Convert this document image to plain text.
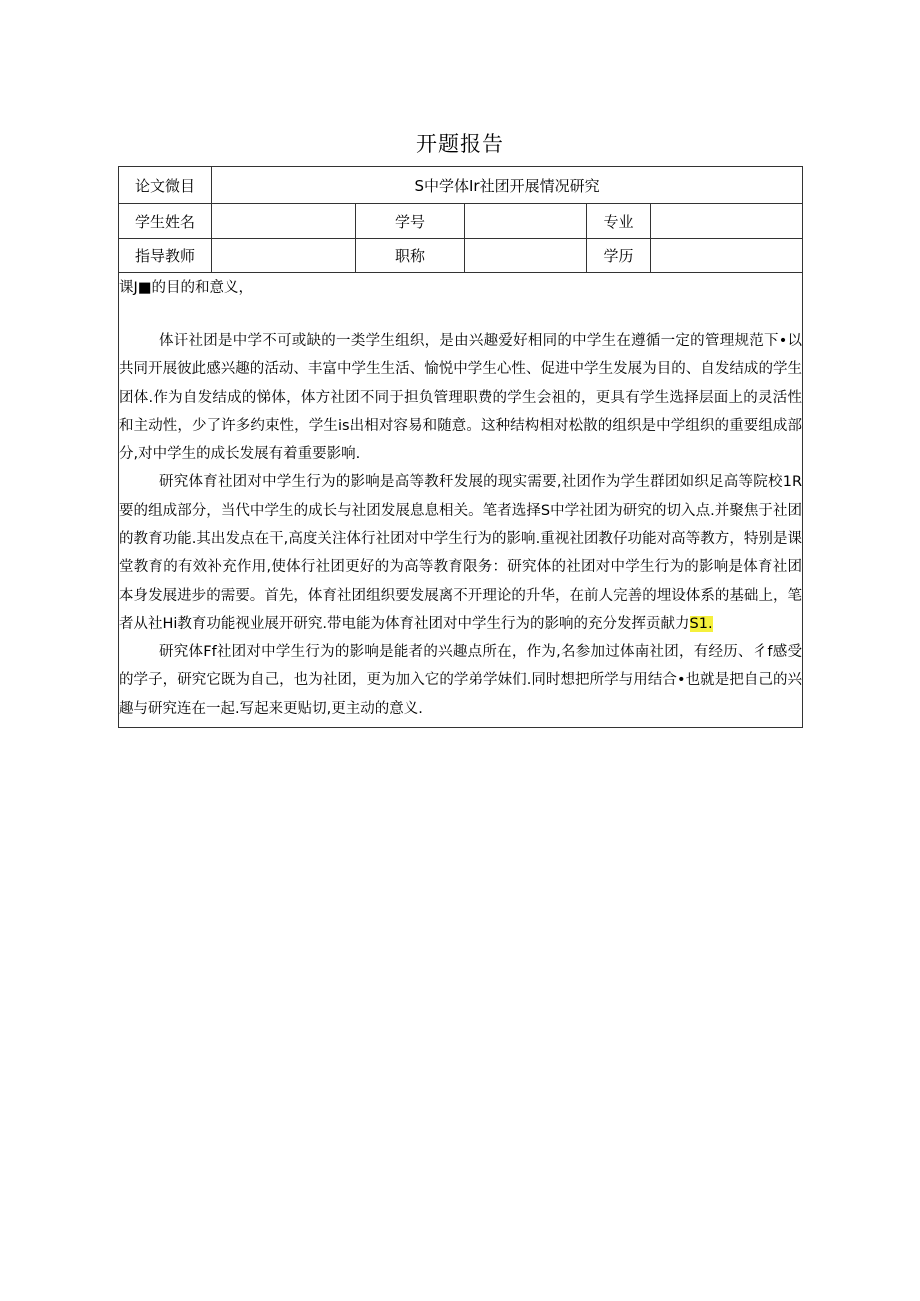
开题报告
论文微目	S中学体Ir社团开展情况研究				
学生姓名		学号		专业	
指导教师		职称		学历	

课J■的目的和意义，

体讦社团是中学不可或缺的一类学生组织，是由兴趣爱好相同的中学生在遵循一定的管理规范下•以共同开展彼此感兴趣的活动、丰富中学生生活、愉悦中学生心性、促进中学生发展为目的、自发结成的学生团体.作为自发结成的悌体，体方社团不同于担负管理职费的学生会祖的，更具有学生选择层面上的灵活性和主动性，少了许多约束性，学生is出相对容易和随意。这种结构相对松散的组织是中学组织的重要组成部分,对中学生的成长发展有着重要影响.

研究体育社团对中学生行为的影响是高等教秆发展的现实需要,社团作为学生群团如织足高等院校1R要的组成部分，当代中学生的成长与社团发展息息相关。笔者选择S中学社团为研究的切入点.并聚焦于社团的教育功能.其出发点在干,高度关注体行社团对中学生行为的影响.重视社团教仔功能对高等教方，特别是课堂教育的有效补充作用,使体行社团更好的为高等教育限务：研究体的社团对中学生行为的影响是体育社团本身发展进步的需要。首先，体育社团组织要发展离不开理论的升华，在前人完善的埋设体系的基础上，笔者从社Hi教育功能视业展开研究.带电能为体育社团对中学生行为的影响的充分发挥贡献力S1.

研究体Ff社团对中学生行为的影响是能者的兴趣点所在，作为,名参加过体南社团，有经历、彳f感受的学子，研究它既为自己，也为社团，更为加入它的学弟学妹们.同时想把所学与用结合•也就是把自己的兴趣与研究连在一起.写起来更贴切,更主动的意义.					
